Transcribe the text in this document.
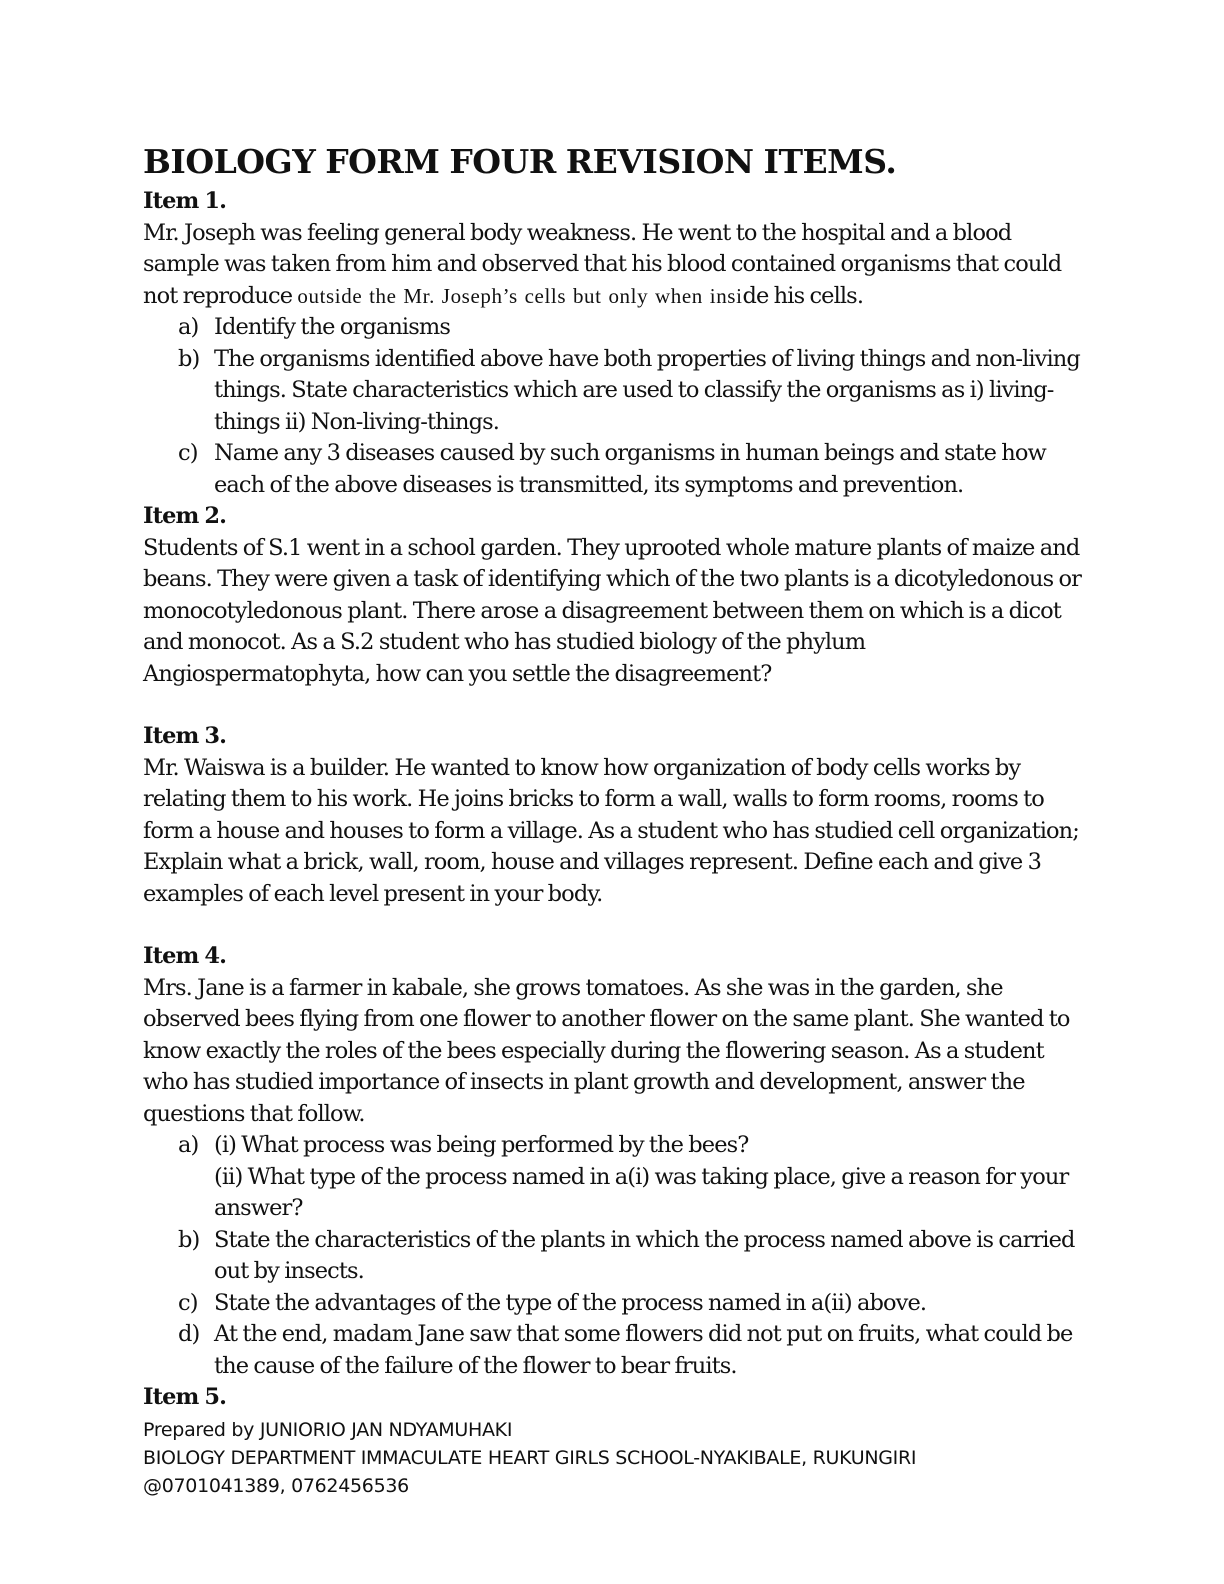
BIOLOGY FORM FOUR REVISION ITEMS.

Item 1.

Mr. Joseph was feeling general body weakness. He went to the hospital and a blood sample was taken from him and observed that his blood contained organisms that could not reproduce outside the Mr. Joseph’s cells but only when inside his cells.

a) Identify the organisms
b) The organisms identified above have both properties of living things and non-living things. State characteristics which are used to classify the organisms as i) living-things ii) Non-living-things.
c) Name any 3 diseases caused by such organisms in human beings and state how each of the above diseases is transmitted, its symptoms and prevention.

Item 2.

Students of S.1 went in a school garden. They uprooted whole mature plants of maize and beans. They were given a task of identifying which of the two plants is a dicotyledonous or monocotyledonous plant. There arose a disagreement between them on which is a dicot and monocot. As a S.2 student who has studied biology of the phylum Angiospermatophyta, how can you settle the disagreement?

Item 3.

Mr. Waiswa is a builder. He wanted to know how organization of body cells works by relating them to his work. He joins bricks to form a wall, walls to form rooms, rooms to form a house and houses to form a village. As a student who has studied cell organization; Explain what a brick, wall, room, house and villages represent. Define each and give 3 examples of each level present in your body.

Item 4.

Mrs. Jane is a farmer in kabale, she grows tomatoes. As she was in the garden, she observed bees flying from one flower to another flower on the same plant. She wanted to know exactly the roles of the bees especially during the flowering season. As a student who has studied importance of insects in plant growth and development, answer the questions that follow.

a) (i) What process was being performed by the bees?
(ii) What type of the process named in a(i) was taking place, give a reason for your answer?
b) State the characteristics of the plants in which the process named above is carried out by insects.
c) State the advantages of the type of the process named in a(ii) above.
d) At the end, madam Jane saw that some flowers did not put on fruits, what could be the cause of the failure of the flower to bear fruits.

Item 5.

Prepared by JUNIORIO JAN NDYAMUHAKI
BIOLOGY DEPARTMENT IMMACULATE HEART GIRLS SCHOOL-NYAKIBALE, RUKUNGIRI
@0701041389, 0762456536
